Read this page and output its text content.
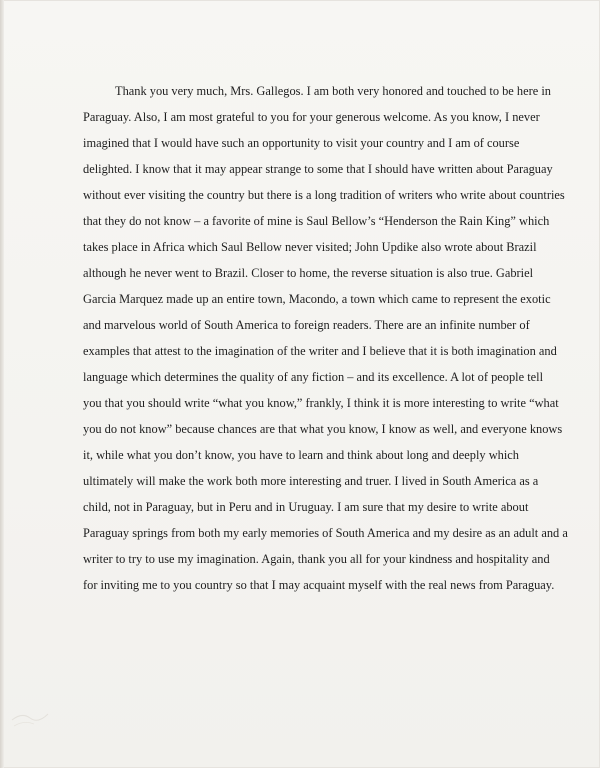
Thank you very much, Mrs. Gallegos. I am both very honored and touched to be here in
Paraguay. Also, I am most grateful to you for your generous welcome. As you know, I never
imagined that I would have such an opportunity to visit your country and I am of course
delighted. I know that it may appear strange to some that I should have written about Paraguay
without ever visiting the country but there is a long tradition of writers who write about countries
that they do not know – a favorite of mine is Saul Bellow’s “Henderson the Rain King” which
takes place in Africa which Saul Bellow never visited; John Updike also wrote about Brazil
although he never went to Brazil. Closer to home, the reverse situation is also true. Gabriel
Garcia Marquez made up an entire town, Macondo, a town which came to represent the exotic
and marvelous world of South America to foreign readers. There are an infinite number of
examples that attest to the imagination of the writer and I believe that it is both imagination and
language which determines the quality of any fiction – and its excellence. A lot of people tell
you that you should write “what you know,” frankly, I think it is more interesting to write “what
you do not know” because chances are that what you know, I know as well, and everyone knows
it, while what you don’t know, you have to learn and think about long and deeply which
ultimately will make the work both more interesting and truer. I lived in South America as a
child, not in Paraguay, but in Peru and in Uruguay. I am sure that my desire to write about
Paraguay springs from both my early memories of South America and my desire as an adult and a
writer to try to use my imagination. Again, thank you all for your kindness and hospitality and
for inviting me to you country so that I may acquaint myself with the real news from Paraguay.
